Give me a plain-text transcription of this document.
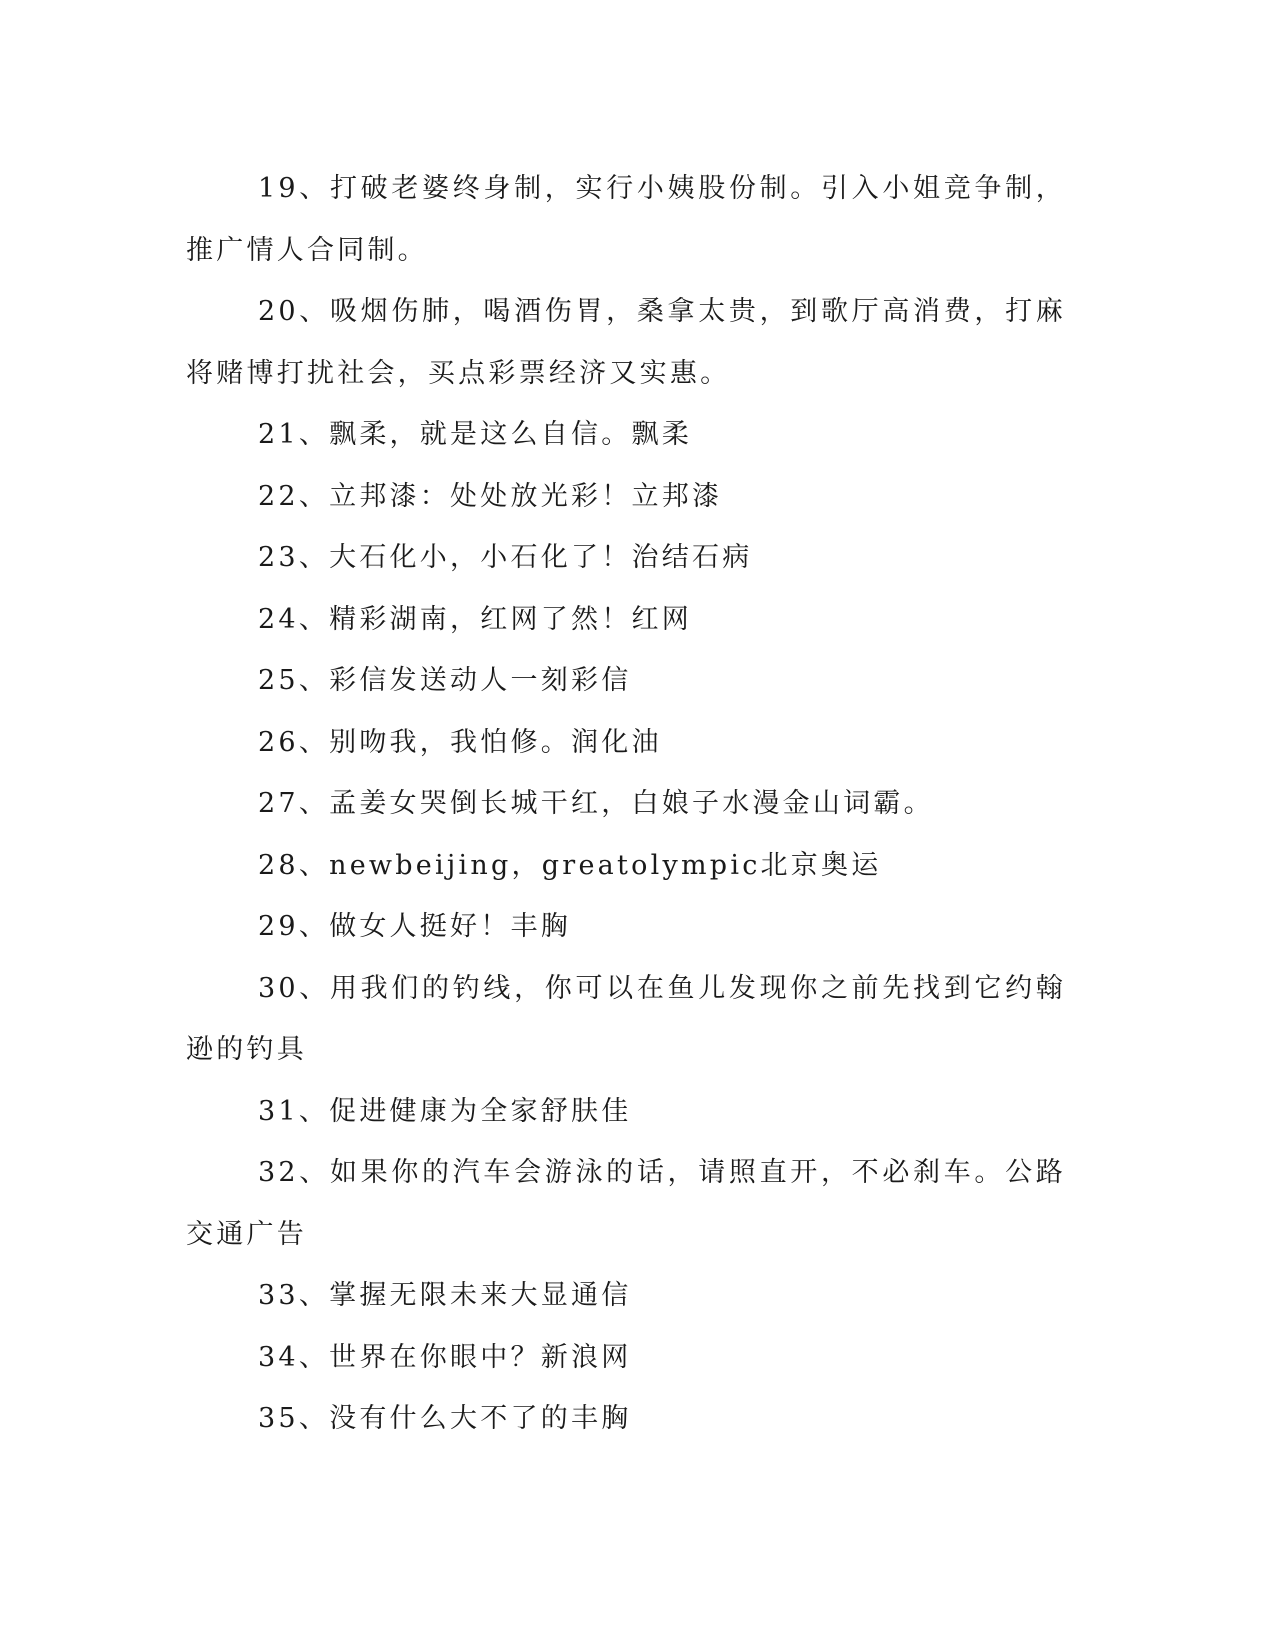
19、打破老婆终身制，实行小姨股份制。引入小姐竞争制，推广情人合同制。

20、吸烟伤肺，喝酒伤胃，桑拿太贵，到歌厅高消费，打麻将赌博打扰社会，买点彩票经济又实惠。

21、飘柔，就是这么自信。飘柔

22、立邦漆：处处放光彩！立邦漆

23、大石化小，小石化了！治结石病

24、精彩湖南，红网了然！红网

25、彩信发送动人一刻彩信

26、别吻我，我怕修。润化油

27、孟姜女哭倒长城干红，白娘子水漫金山词霸。

28、newbeijing，greatolympic北京奥运

29、做女人挺好！丰胸

30、用我们的钓线，你可以在鱼儿发现你之前先找到它约翰逊的钓具

31、促进健康为全家舒肤佳

32、如果你的汽车会游泳的话，请照直开，不必刹车。公路交通广告

33、掌握无限未来大显通信

34、世界在你眼中？新浪网

35、没有什么大不了的丰胸
